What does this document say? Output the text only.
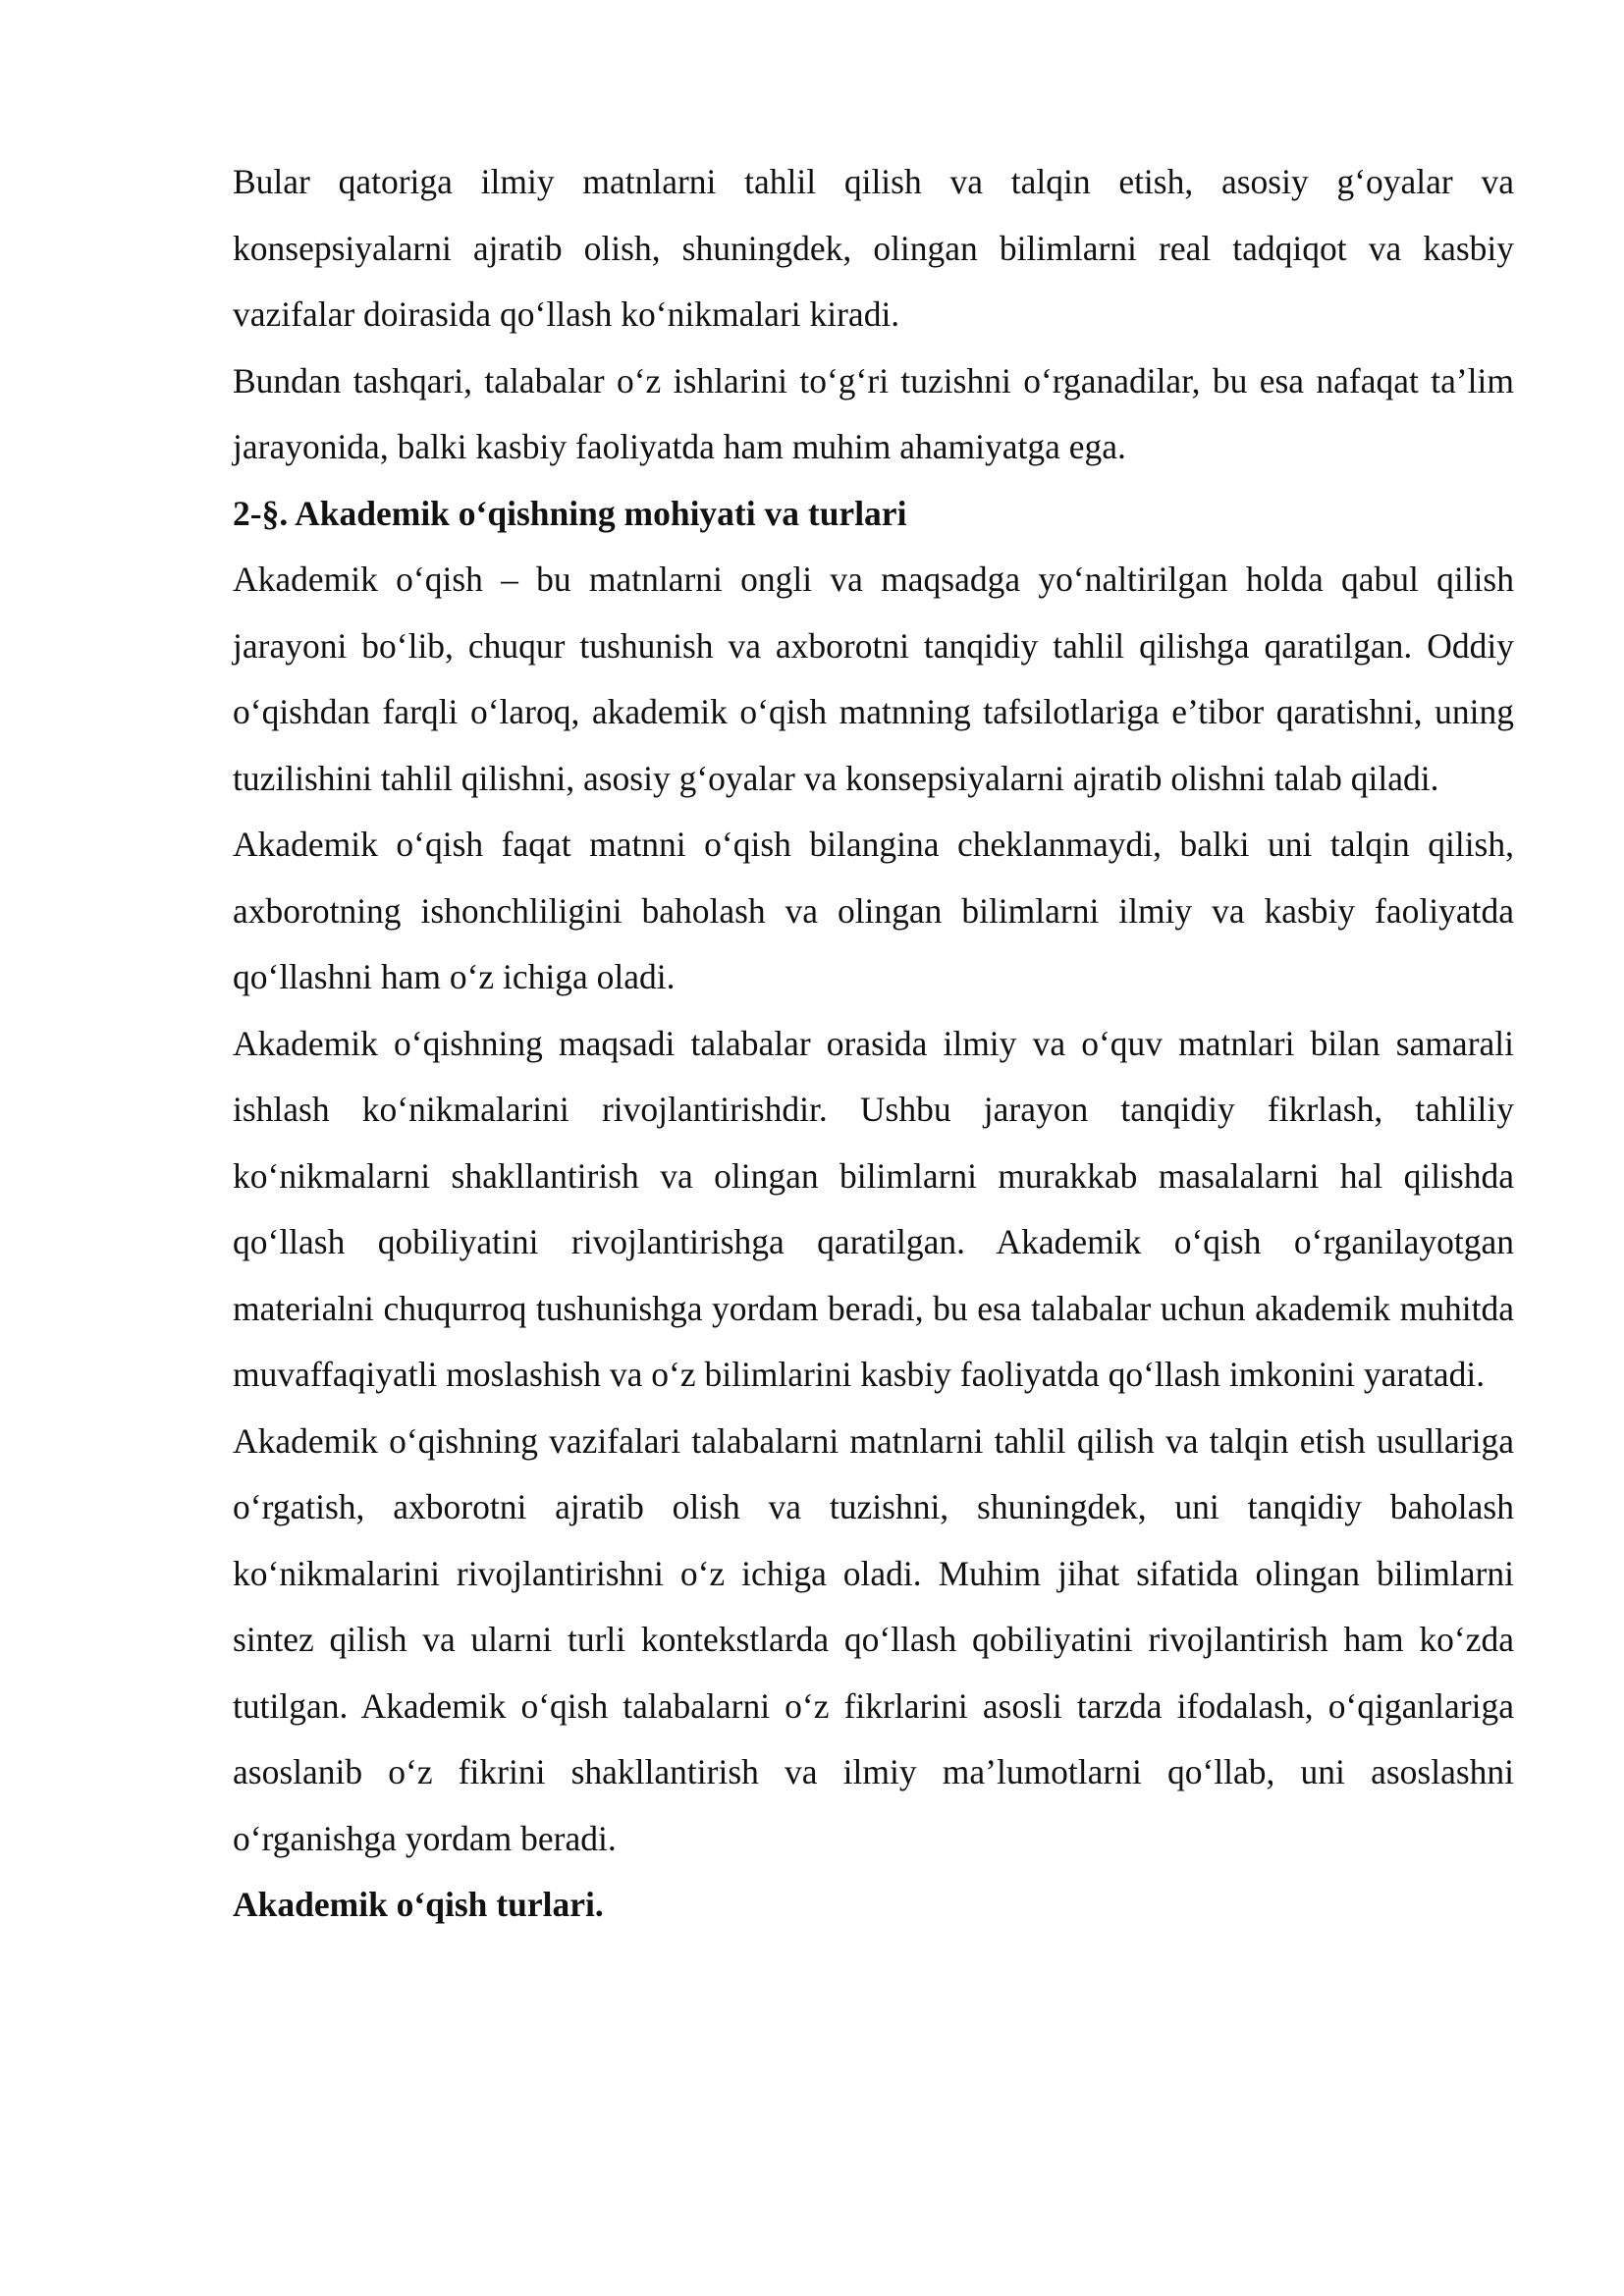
Bular qatoriga ilmiy matnlarni tahlil qilish va talqin etish, asosiy g‘oyalar va konsepsiyalarni ajratib olish, shuningdek, olingan bilimlarni real tadqiqot va kasbiy vazifalar doirasida qo‘llash ko‘nikmalari kiradi.

Bundan tashqari, talabalar o‘z ishlarini to‘g‘ri tuzishni o‘rganadilar, bu esa nafaqat ta’lim jarayonida, balki kasbiy faoliyatda ham muhim ahamiyatga ega.

2-§. Akademik o‘qishning mohiyati va turlari

Akademik o‘qish – bu matnlarni ongli va maqsadga yo‘naltirilgan holda qabul qilish jarayoni bo‘lib, chuqur tushunish va axborotni tanqidiy tahlil qilishga qaratilgan. Oddiy o‘qishdan farqli o‘laroq, akademik o‘qish matnning tafsilotlariga e’tibor qaratishni, uning tuzilishini tahlil qilishni, asosiy g‘oyalar va konsepsiyalarni ajratib olishni talab qiladi.

Akademik o‘qish faqat matnni o‘qish bilangina cheklanmaydi, balki uni talqin qilish, axborotning ishonchliligini baholash va olingan bilimlarni ilmiy va kasbiy faoliyatda qo‘llashni ham o‘z ichiga oladi.

Akademik o‘qishning maqsadi talabalar orasida ilmiy va o‘quv matnlari bilan samarali ishlash ko‘nikmalarini rivojlantirishdir. Ushbu jarayon tanqidiy fikrlash, tahliliy ko‘nikmalarni shakllantirish va olingan bilimlarni murakkab masalalarni hal qilishda qo‘llash qobiliyatini rivojlantirishga qaratilgan. Akademik o‘qish o‘rganilayotgan materialni chuqurroq tushunishga yordam beradi, bu esa talabalar uchun akademik muhitda muvaffaqiyatli moslashish va o‘z bilimlarini kasbiy faoliyatda qo‘llash imkonini yaratadi.

Akademik o‘qishning vazifalari talabalarni matnlarni tahlil qilish va talqin etish usullariga o‘rgatish, axborotni ajratib olish va tuzishni, shuningdek, uni tanqidiy baholash ko‘nikmalarini rivojlantirishni o‘z ichiga oladi. Muhim jihat sifatida olingan bilimlarni sintez qilish va ularni turli kontekstlarda qo‘llash qobiliyatini rivojlantirish ham ko‘zda tutilgan. Akademik o‘qish talabalarni o‘z fikrlarini asosli tarzda ifodalash, o‘qiganlariga asoslanib o‘z fikrini shakllantirish va ilmiy ma’lumotlarni qo‘llab, uni asoslashni o‘rganishga yordam beradi.

Akademik o‘qish turlari.
